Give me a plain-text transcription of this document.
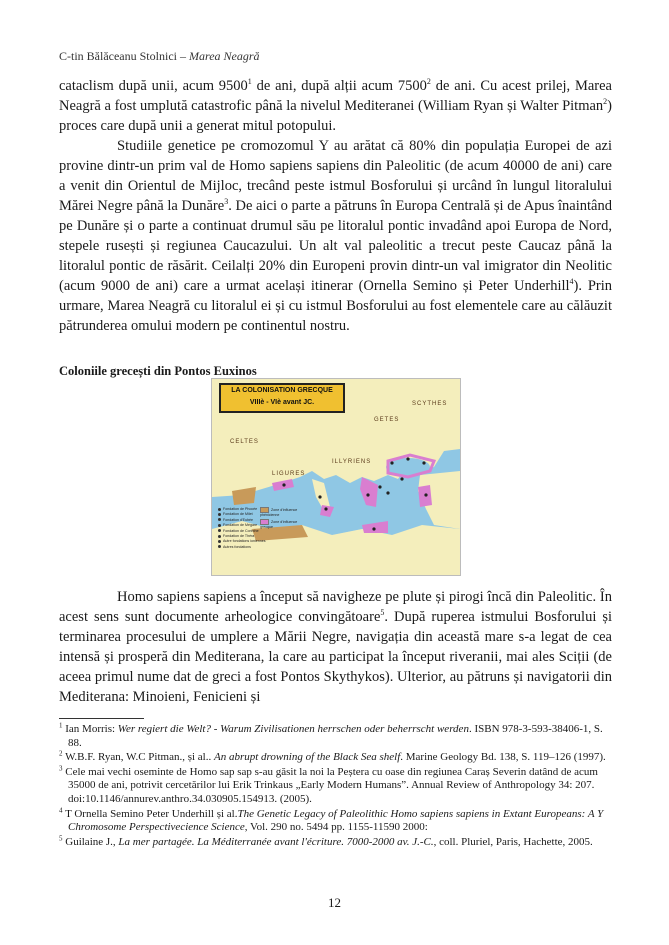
C-tin Bălăceanu Stolnici – Marea Neagră

cataclism după unii, acum 9500$^1$ de ani, după alții acum 7500$^2$ de ani. Cu acest prilej, Marea Neagră a fost umplută catastrofic până la nivelul Mediteranei (William Ryan și Walter Pitman$^2$) proces care după unii a generat mitul potopului.

Studiile genetice pe cromozomul Y au arătat că 80% din populația Europei de azi provine dintr-un prim val de Homo sapiens sapiens din Paleolitic (de acum 40000 de ani) care a venit din Orientul de Mijloc, trecând peste istmul Bosforului și urcând în lungul litoralului Mărei Negre până la Dunăre$^3$. De aici o parte a pătruns în Europa Centrală și de Apus înaintând pe Dunăre și o parte a continuat drumul său pe litoralul pontic invadând apoi Europa de Nord, stepele rusești și regiunea Caucazului. Un alt val paleolitic a trecut peste Caucaz până la litoralul pontic de răsărit. Ceilalți 20% din Europeni provin dintr-un val imigrator din Neolitic (acum 9000 de ani) care a urmat același itinerar (Ornella Semino și Peter Underhill$^4$). Prin urmare, Marea Neagră cu litoralul ei și cu istmul Bosforului au fost elementele care au călăuzit pătrunderea omului modern pe continentul nostru.

Coloniile grecești din Pontos Euxinos
LA COLONISATION GRECQUE
VIIIè - VIè avant JC.
CELTES
SCYTHES
GETES
ILLYRIENS
LIGURES
Fondation de Phocée
Fondation de Milet
Fondation d'Eubée
Fondation de Mégare
Fondation de Corinthe
Fondation de Théra
Autre fondations ioniennes
Autres fondations
Zone d'influence phénicienne
Zone d'influence grecque

Homo sapiens sapiens a început să navigheze pe plute și pirogi încă din Paleolitic. În acest sens sunt documente arheologice convingătoare$^5$. După ruperea istmului Bosforului și terminarea procesului de umplere a Mării Negre, navigația din această mare s-a legat de cea intensă și prosperă din Mediterana, la care au participat la început riveranii, mai ales Sciții (de aceea primul nume dat de greci a fost Pontos Skythykos). Ulterior, au pătruns și navigatorii din Mediterana: Minoieni, Fenicieni și

$^1$ Ian Morris: Wer regiert die Welt? - Warum Zivilisationen herrschen oder beherrscht werden. ISBN 978-3-593-38406-1, S. 88.

$^2$ W.B.F. Ryan, W.C Pitman., și al.. An abrupt drowning of the Black Sea shelf. Marine Geology Bd. 138, S. 119–126 (1997).

$^3$ Cele mai vechi oseminte de Homo sap sap s-au găsit la noi la Peștera cu oase din regiunea Caraș Severin datând de acum 35000 de ani, potrivit cercetărilor lui Erik Trinkaus „Early Modern Humans”. Annual Review of Anthropology 34: 207. doi:10.1146/annurev.anthro.34.030905.154913. (2005).

$^4$ T Ornella Semino Peter Underhill și al.The Genetic Legacy of Paleolithic Homo sapiens sapiens in Extant Europeans: A Y Chromosome Perspectivecience Science, Vol. 290 no. 5494 pp. 1155-11590 2000:

$^5$ Guilaine J., La mer partagée. La Méditerranée avant l'écriture. 7000-2000 av. J.-C., coll. Pluriel, Paris, Hachette, 2005.

12
